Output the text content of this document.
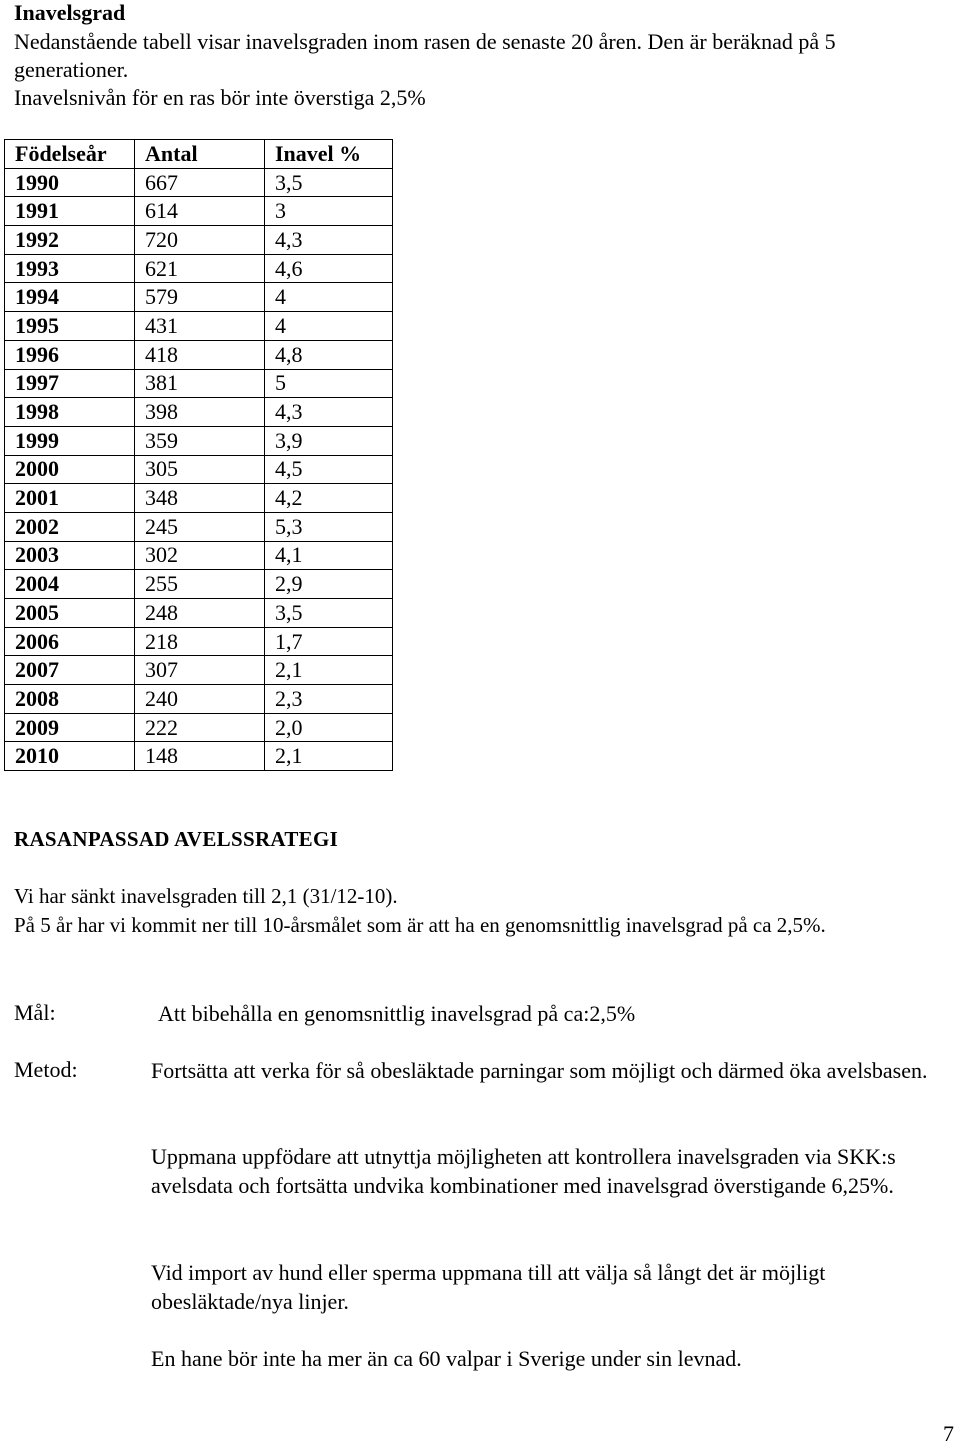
Inavelsgrad

Nedanstående tabell visar inavelsgraden inom rasen de senaste 20 åren. Den är beräknad på 5 generationer.

Inavelsnivån för en ras bör inte överstiga 2,5%

Födelseår	Antal	Inavel %
1990	667	3,5
1991	614	3
1992	720	4,3
1993	621	4,6
1994	579	4
1995	431	4
1996	418	4,8
1997	381	5
1998	398	4,3
1999	359	3,9
2000	305	4,5
2001	348	4,2
2002	245	5,3
2003	302	4,1
2004	255	2,9
2005	248	3,5
2006	218	1,7
2007	307	2,1
2008	240	2,3
2009	222	2,0
2010	148	2,1
RASANPASSAD AVELSSRATEGI

Vi har sänkt inavelsgraden till 2,1 (31/12-10).

På 5 år har vi kommit ner till 10-årsmålet som är att ha en genomsnittlig inavelsgrad på ca 2,5%.

Mål:	Att bibehålla en genomsnittlig inavelsgrad på ca:2,5%
Metod:	Fortsätta att verka för så obesläktade parningar som möjligt och därmed öka avelsbasen.
Uppmana uppfödare att utnyttja möjligheten att kontrollera inavelsgraden via SKK:s avelsdata och fortsätta undvika kombinationer med inavelsgrad överstigande 6,25%.
Vid import av hund eller sperma uppmana till att välja så långt det är möjligt obesläktade/nya linjer.
En hane bör inte ha mer än ca 60 valpar i Sverige under sin levnad.
7
